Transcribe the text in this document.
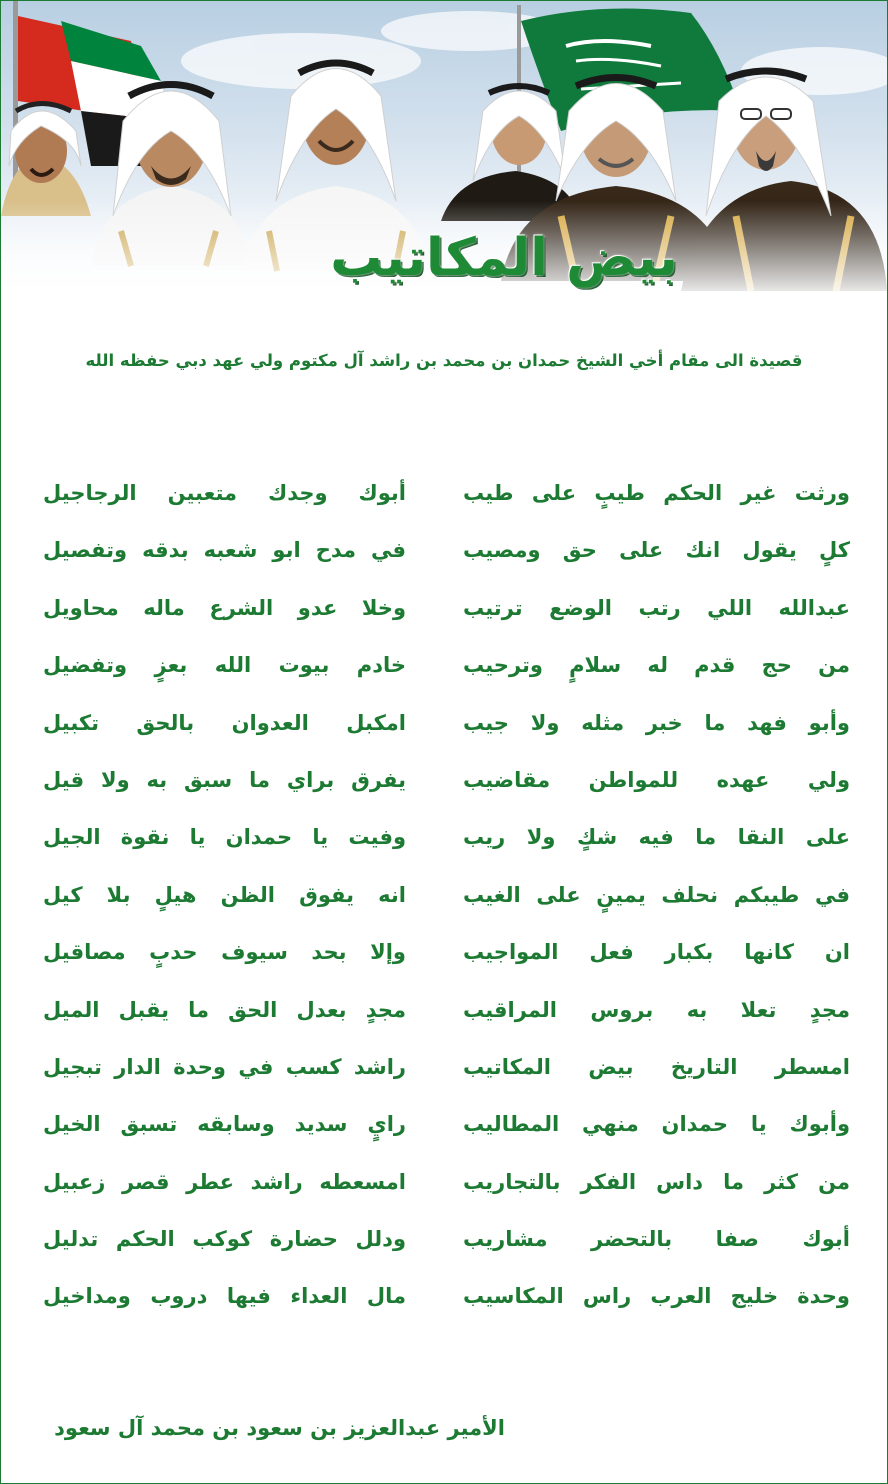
بيض المكاتيب
قصيدة الى مقام أخي الشيخ حمدان بن محمد بن راشد آل مكتوم ولي عهد دبي حفظه الله
ورثت غير الحكم طيبٍ على طيب
أبوك وجدك متعبين الرجاجيل
كلٍ يقول انك على حق ومصيب
في مدح ابو شعبه بدقه وتفصيل
عبدالله اللي رتب الوضع ترتيب
وخلا عدو الشرع ماله محاويل
من حج قدم له سلامٍ وترحيب
خادم بيوت الله بعزٍ وتفضيل
وأبو فهد ما خبر مثله ولا جيب
امكبل العدوان بالحق تكبيل
ولي عهده للمواطن مقاضيب
يفرق براي ما سبق به ولا قيل
على النقا ما فيه شكٍ ولا ريب
وفيت يا حمدان يا نقوة الجيل
في طيبكم نحلف يمينٍ على الغيب
انه يفوق الظن هيلٍ بلا كيل
ان كانها بكبار فعل المواجيب
وإلا بحد سيوف حدبٍ مصاقيل
مجدٍ تعلا به بروس المراقيب
مجدٍ بعدل الحق ما يقبل الميل
امسطر التاريخ بيض المكاتيب
راشد كسب في وحدة الدار تبجيل
وأبوك يا حمدان منهي المطاليب
رايٍ سديد وسابقه تسبق الخيل
من كثر ما داس الفكر بالتجاريب
امسعطه راشد عطر قصر زعبيل
أبوك صفا بالتحضر مشاريب
ودلل حضارة كوكب الحكم تدليل
وحدة خليج العرب راس المكاسيب
مال العداء فيها دروب ومداخيل
الأمير عبدالعزيز بن سعود بن محمد آل سعود
